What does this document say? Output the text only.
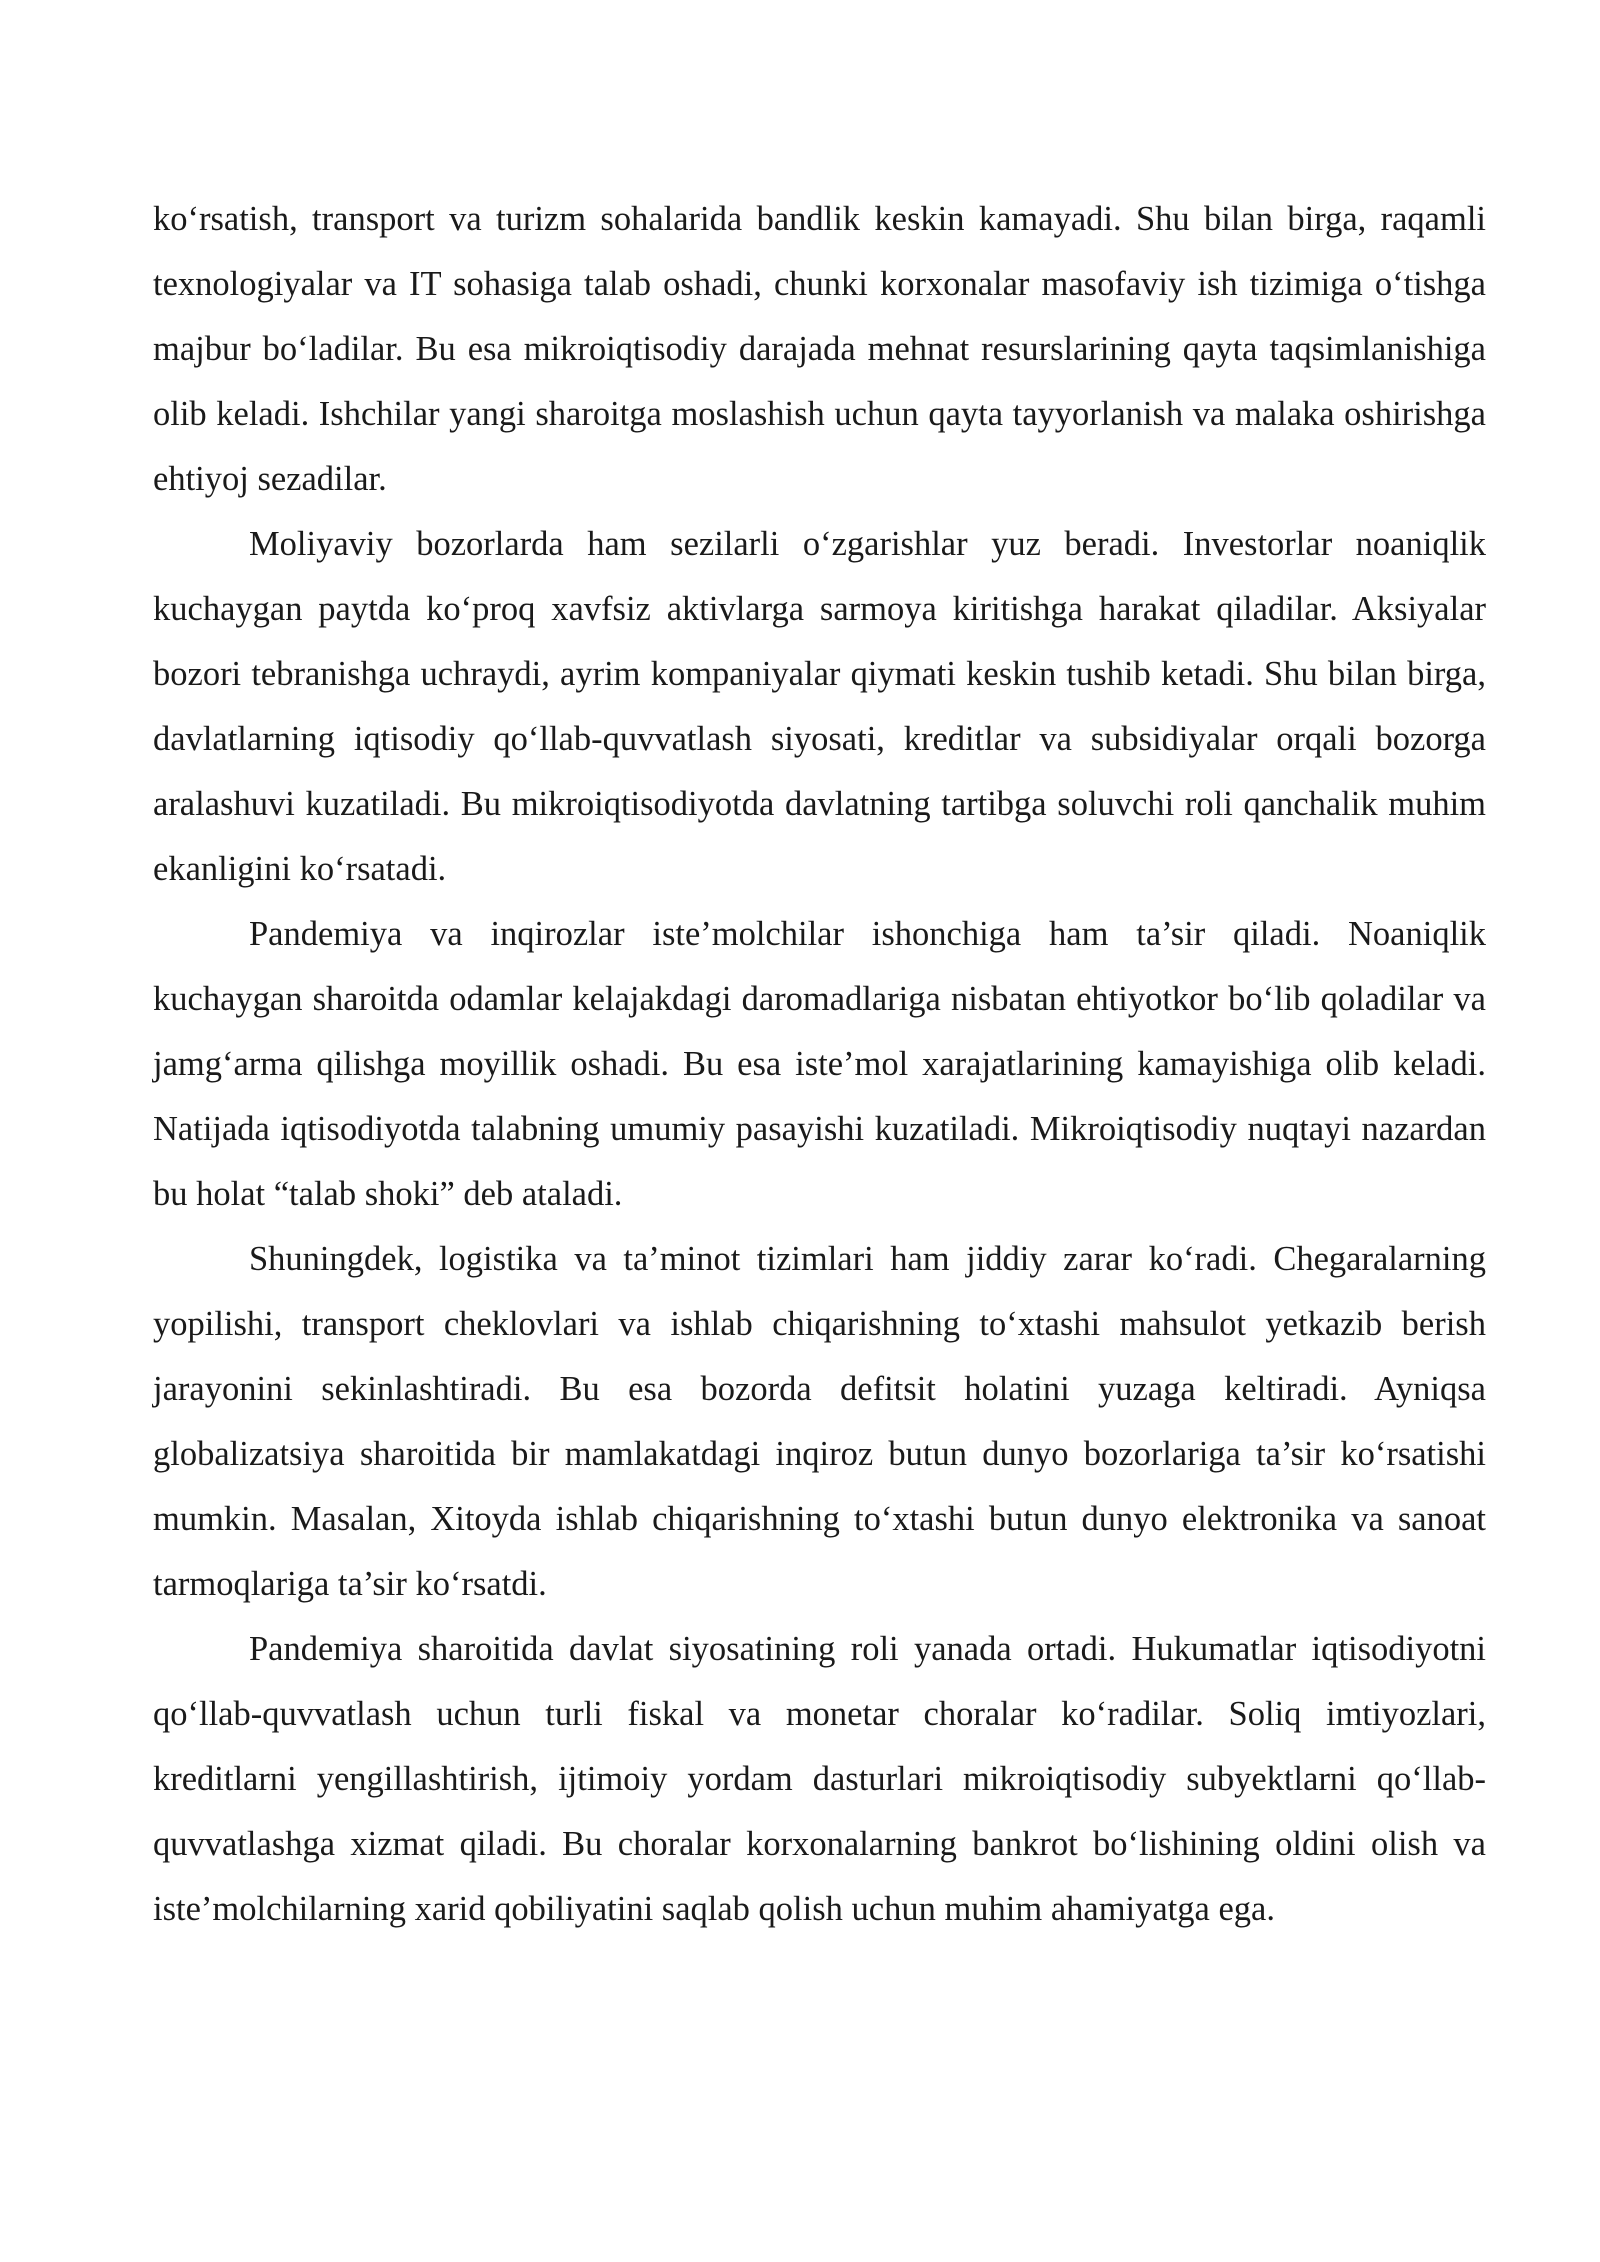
ko‘rsatish, transport va turizm sohalarida bandlik keskin kamayadi. Shu bilan birga, raqamli texnologiyalar va IT sohasiga talab oshadi, chunki korxonalar masofaviy ish tizimiga o‘tishga majbur bo‘ladilar. Bu esa mikroiqtisodiy darajada mehnat resurslarining qayta taqsimlanishiga olib keladi. Ishchilar yangi sharoitga moslashish uchun qayta tayyorlanish va malaka oshirishga ehtiyoj sezadilar.

Moliyaviy bozorlarda ham sezilarli o‘zgarishlar yuz beradi. Investorlar noaniqlik kuchaygan paytda ko‘proq xavfsiz aktivlarga sarmoya kiritishga harakat qiladilar. Aksiyalar bozori tebranishga uchraydi, ayrim kompaniyalar qiymati keskin tushib ketadi. Shu bilan birga, davlatlarning iqtisodiy qo‘llab-quvvatlash siyosati, kreditlar va subsidiyalar orqali bozorga aralashuvi kuzatiladi. Bu mikroiqtisodiyotda davlatning tartibga soluvchi roli qanchalik muhim ekanligini ko‘rsatadi.

Pandemiya va inqirozlar iste’molchilar ishonchiga ham ta’sir qiladi. Noaniqlik kuchaygan sharoitda odamlar kelajakdagi daromadlariga nisbatan ehtiyotkor bo‘lib qoladilar va jamg‘arma qilishga moyillik oshadi. Bu esa iste’mol xarajatlarining kamayishiga olib keladi. Natijada iqtisodiyotda talabning umumiy pasayishi kuzatiladi. Mikroiqtisodiy nuqtayi nazardan bu holat “talab shoki” deb ataladi.

Shuningdek, logistika va ta’minot tizimlari ham jiddiy zarar ko‘radi. Chegaralarning yopilishi, transport cheklovlari va ishlab chiqarishning to‘xtashi mahsulot yetkazib berish jarayonini sekinlashtiradi. Bu esa bozorda defitsit holatini yuzaga keltiradi. Ayniqsa globalizatsiya sharoitida bir mamlakatdagi inqiroz butun dunyo bozorlariga ta’sir ko‘rsatishi mumkin. Masalan, Xitoyda ishlab chiqarishning to‘xtashi butun dunyo elektronika va sanoat tarmoqlariga ta’sir ko‘rsatdi.

Pandemiya sharoitida davlat siyosatining roli yanada ortadi. Hukumatlar iqtisodiyotni qo‘llab-quvvatlash uchun turli fiskal va monetar choralar ko‘radilar. Soliq imtiyozlari, kreditlarni yengillashtirish, ijtimoiy yordam dasturlari mikroiqtisodiy subyektlarni qo‘llab-quvvatlashga xizmat qiladi. Bu choralar korxonalarning bankrot bo‘lishining oldini olish va iste’molchilarning xarid qobiliyatini saqlab qolish uchun muhim ahamiyatga ega.
